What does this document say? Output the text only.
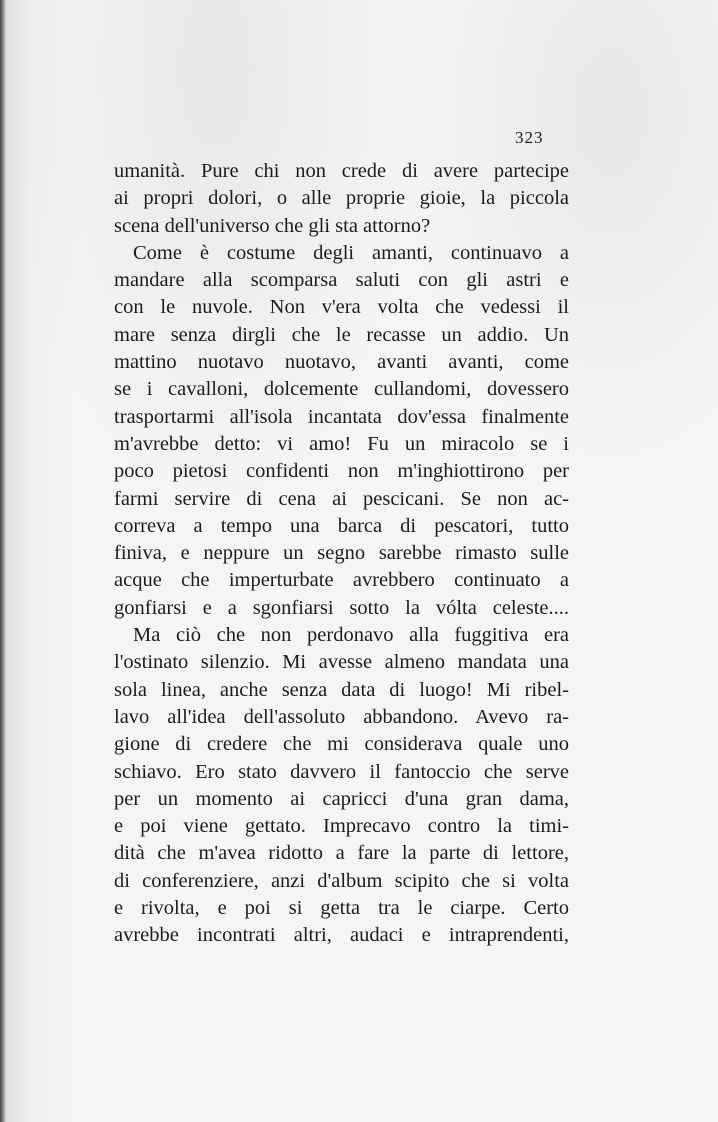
323
umanità. Pure chi non crede di avere partecipe
ai propri dolori, o alle proprie gioie, la piccola
scena dell'universo che gli sta attorno?
Come è costume degli amanti, continuavo a
mandare alla scomparsa saluti con gli astri e
con le nuvole. Non v'era volta che vedessi il
mare senza dirgli che le recasse un addio. Un
mattino nuotavo nuotavo, avanti avanti, come
se i cavalloni, dolcemente cullandomi, dovessero
trasportarmi all'isola incantata dov'essa finalmente
m'avrebbe detto: vi amo! Fu un miracolo se i
poco pietosi confidenti non m'inghiottirono per
farmi servire di cena ai pescicani. Se non ac-
correva a tempo una barca di pescatori, tutto
finiva, e neppure un segno sarebbe rimasto sulle
acque che imperturbate avrebbero continuato a
gonfiarsi e a sgonfiarsi sotto la vólta celeste....
Ma ciò che non perdonavo alla fuggitiva era
l'ostinato silenzio. Mi avesse almeno mandata una
sola linea, anche senza data di luogo! Mi ribel-
lavo all'idea dell'assoluto abbandono. Avevo ra-
gione di credere che mi considerava quale uno
schiavo. Ero stato davvero il fantoccio che serve
per un momento ai capricci d'una gran dama,
e poi viene gettato. Imprecavo contro la timi-
dità che m'avea ridotto a fare la parte di lettore,
di conferenziere, anzi d'album scipito che si volta
e rivolta, e poi si getta tra le ciarpe. Certo
avrebbe incontrati altri, audaci e intraprendenti,
